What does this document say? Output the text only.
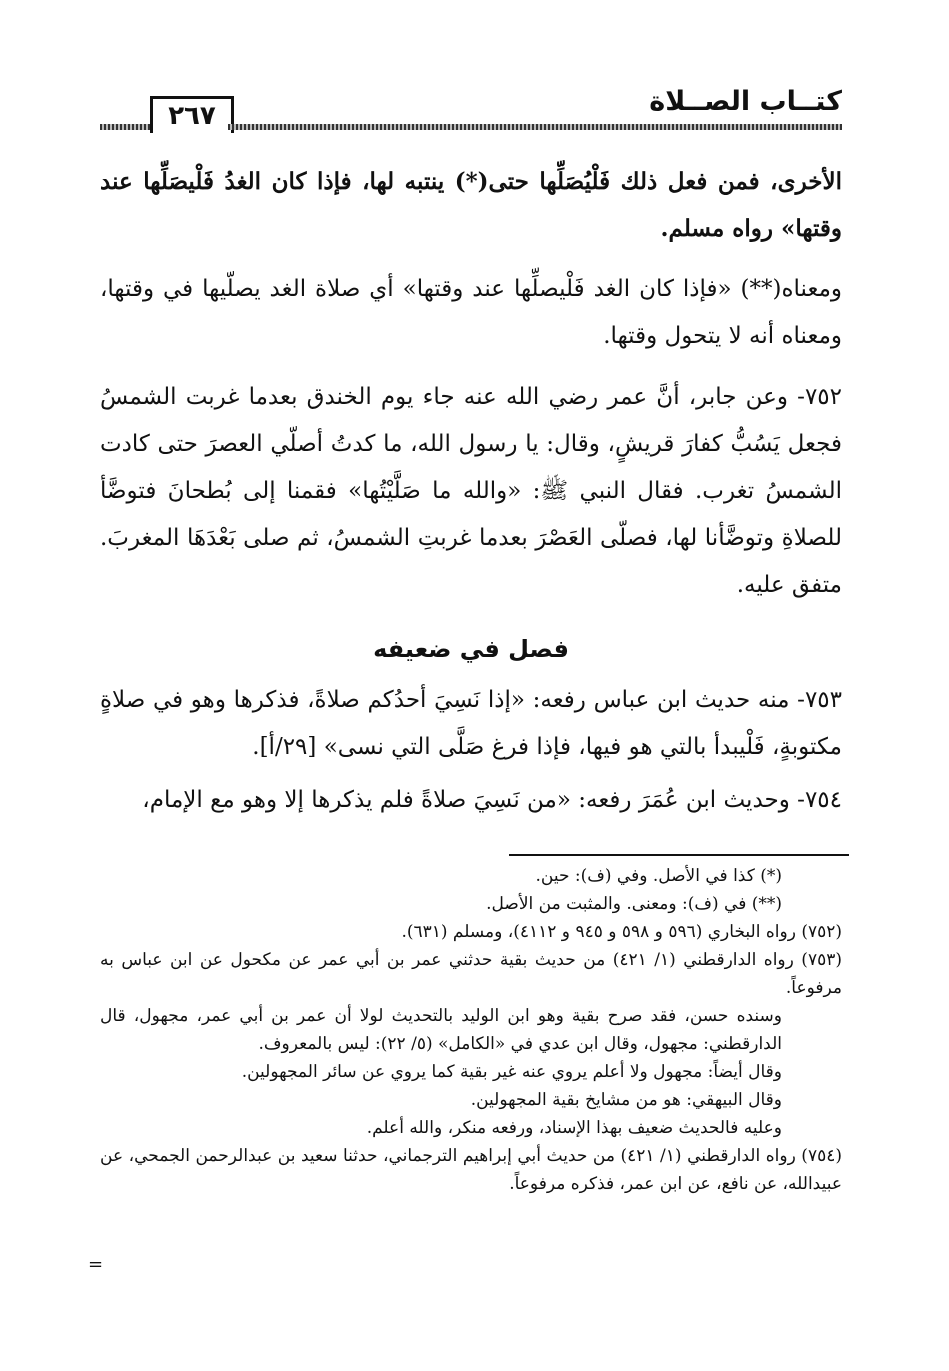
٢٦٧	كتــاب الصــلاة

الأخرى، فمن فعل ذلك فَلْيُصَلِّها حتى(*) ينتبه لها، فإذا كان الغدُ فَلْيصَلِّها عند وقتها» رواه مسلم.

ومعناه(**) «فإذا كان الغد فَلْيصلِّها عند وقتها» أي صلاة الغد يصلّيها في وقتها، ومعناه أنه لا يتحول وقتها.

٧٥٢- وعن جابر، أنَّ عمر رضي الله عنه جاء يوم الخندق بعدما غربت الشمسُ فجعل يَسُبُّ كفارَ قريشٍ، وقال: يا رسول الله، ما كدتُ أصلّي العصرَ حتى كادت الشمسُ تغرب. فقال النبي ﷺ: «والله ما صَلَّيْتُها» فقمنا إلى بُطحانَ فتوضَّأ للصلاةِ وتوضَّأنا لها، فصلّى العَصْرَ بعدما غربتِ الشمسُ، ثم صلى بَعْدَهَا المغربَ. متفق عليه.

فصل في ضعيفه

٧٥٣- منه حديث ابن عباس رفعه: «إذا نَسِيَ أحدُكم صلاةً، فذكرها وهو في صلاةٍ مكتوبةٍ، فَلْيبدأ بالتي هو فيها، فإذا فرغ صَلَّى التي نسى» [٢٩/أ].

٧٥٤- وحديث ابن عُمَرَ رفعه: «من نَسِيَ صلاةً فلم يذكرها إلا وهو مع الإمام،

(*) كذا في الأصل. وفي (ف): حين.

(**) في (ف): ومعنى. والمثبت من الأصل.

(٧٥٢) رواه البخاري (٥٩٦ و ٥٩٨ و ٩٤٥ و ٤١١٢)، ومسلم (٦٣١).

(٧٥٣) رواه الدارقطني (١/ ٤٢١) من حديث بقية حدثني عمر بن أبي عمر عن مكحول عن ابن عباس به مرفوعاً.

وسنده حسن، فقد صرح بقية وهو ابن الوليد بالتحديث لولا أن عمر بن أبي عمر، مجهول، قال الدارقطني: مجهول، وقال ابن عدي في «الكامل» (٥/ ٢٢): ليس بالمعروف.

وقال أيضاً: مجهول ولا أعلم يروي عنه غير بقية كما يروي عن سائر المجهولين.

وقال البيهقي: هو من مشايخ بقية المجهولين.

وعليه فالحديث ضعيف بهذا الإسناد، ورفعه منكر، والله أعلم.

(٧٥٤) رواه الدارقطني (١/ ٤٢١) من حديث أبي إبراهيم الترجماني، حدثنا سعيد بن عبدالرحمن الجمحي، عن عبيدالله، عن نافع، عن ابن عمر، فذكره مرفوعاً.

=
